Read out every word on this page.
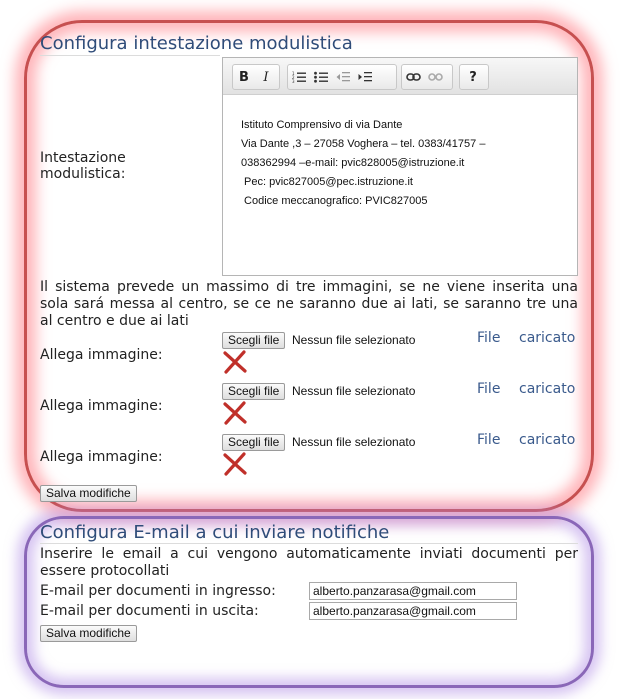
Configura intestazione modulistica
Intestazione modulistica:
B	I	1
2
3	?
Istituto Comprensivo di via Dante
Via Dante ,3 – 27058 Voghera – tel. 0383/41757 –
038362994 –e-mail: pvic828005@istruzione.it
Pec: pvic827005@pec.istruzione.it
Codice meccanografico: PVIC827005
Il sistema prevede un massimo di tre immagini, se ne viene inserita una sola sará messa al centro, se ce ne saranno due ai lati, se saranno tre una al centro e due ai lati
Allega immagine:
Scegli file	Nessun file selezionato	File caricato
Allega immagine:
Scegli file	Nessun file selezionato	File caricato
Allega immagine:
Scegli file	Nessun file selezionato	File caricato
Salva modifiche
Configura E-mail a cui inviare notifiche
Inserire le email a cui vengono automaticamente inviati documenti per essere protocollati
E-mail per documenti in ingresso:
alberto.panzarasa@gmail.com
E-mail per documenti in uscita:
alberto.panzarasa@gmail.com
Salva modifiche
